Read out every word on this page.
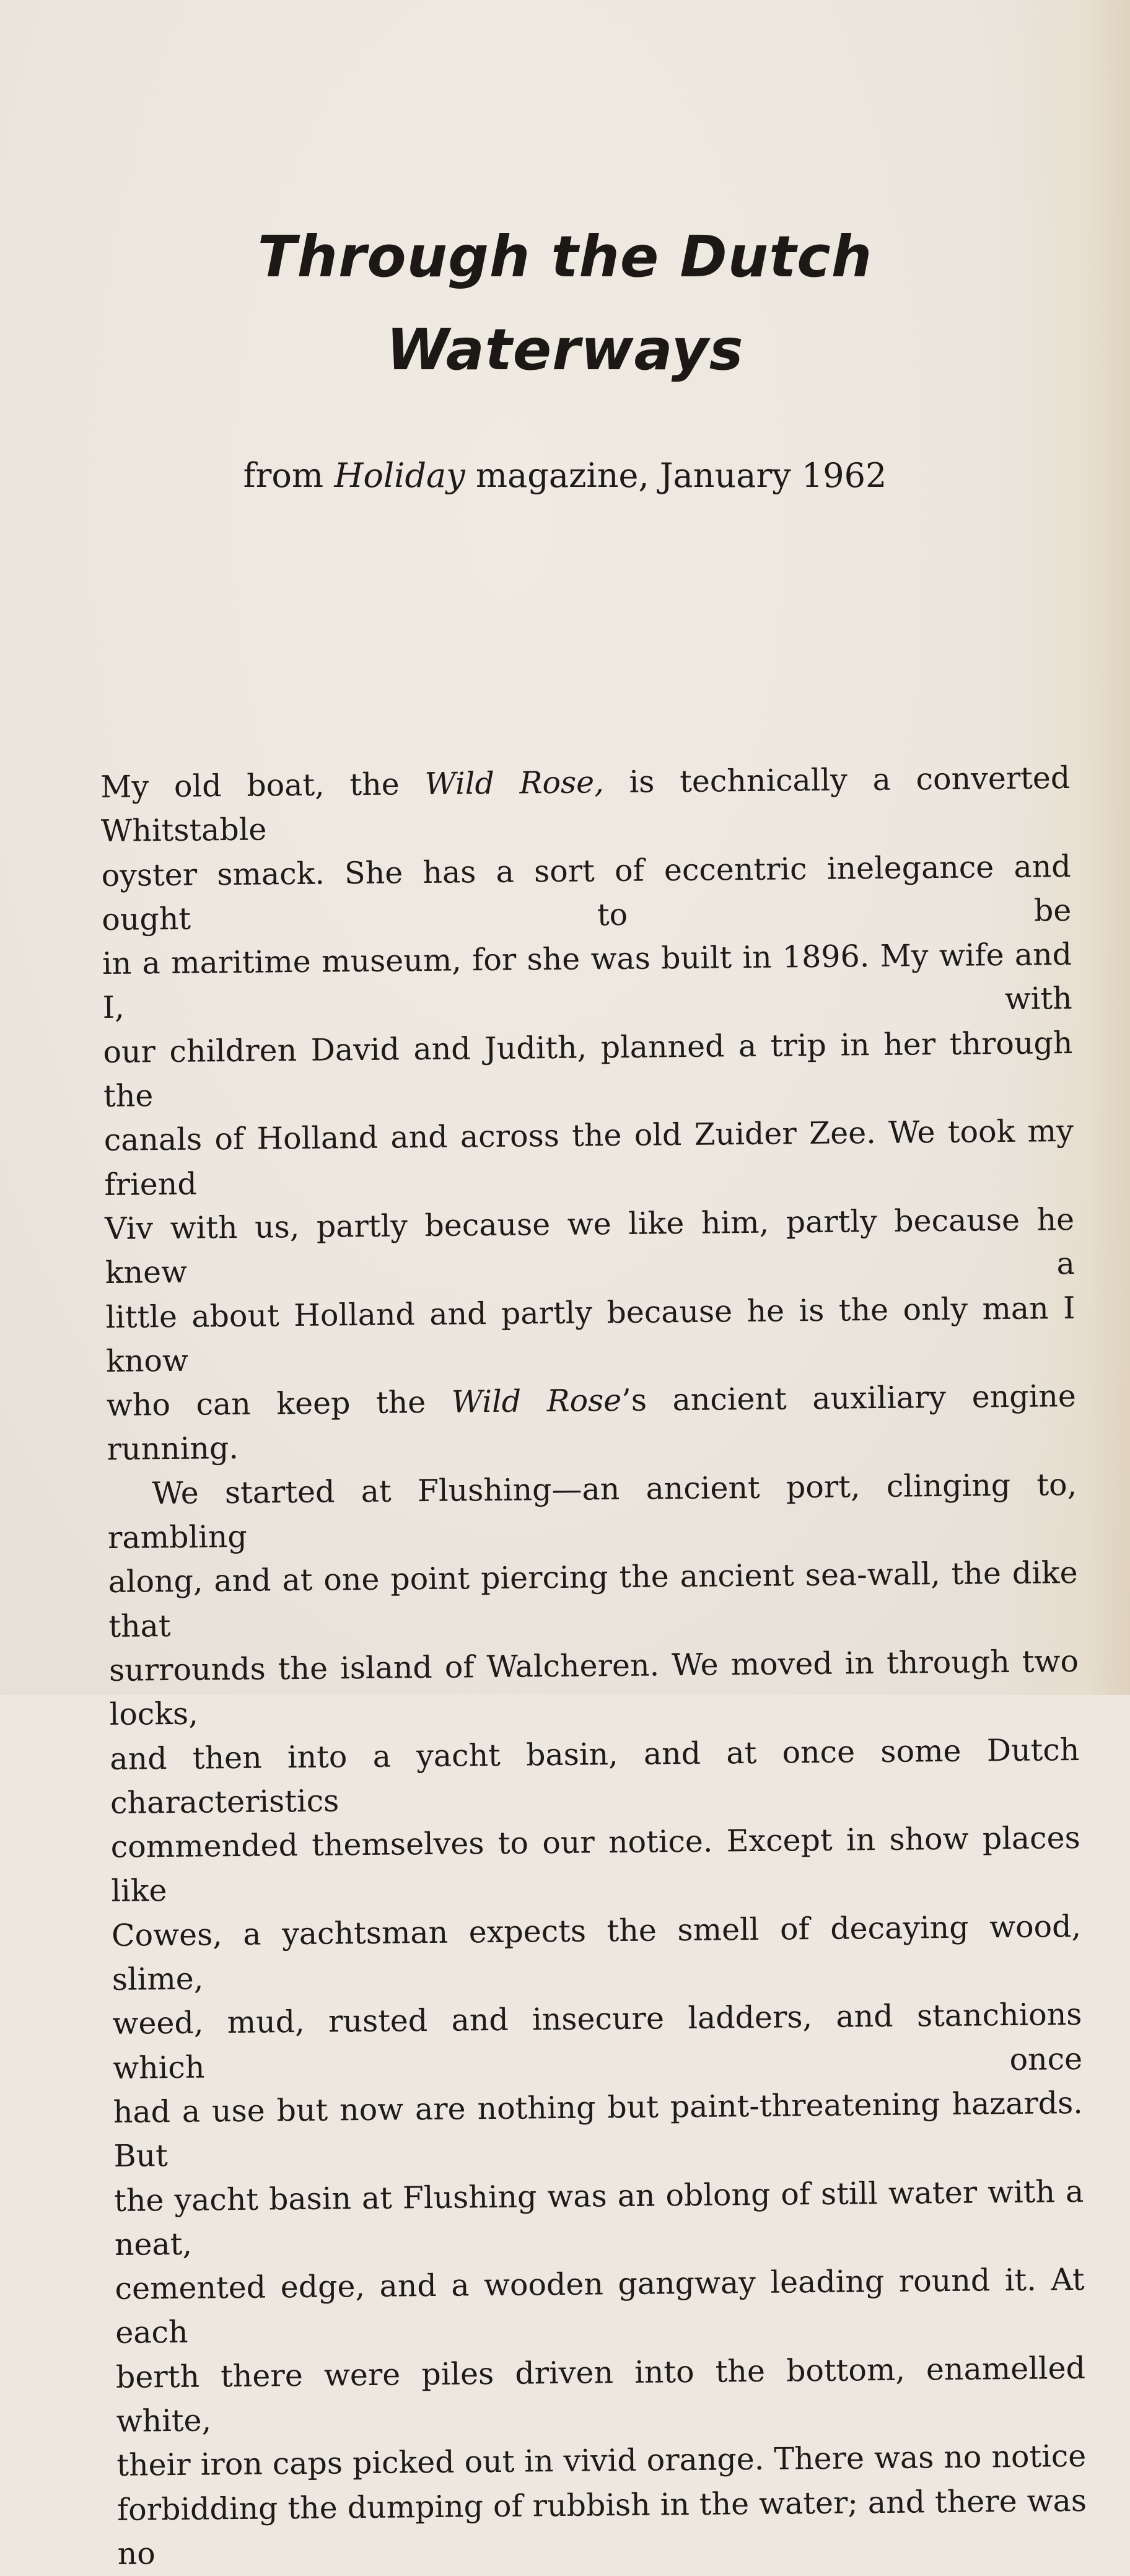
Through the Dutch
Waterways

from Holiday magazine, January 1962

My old boat, the Wild Rose, is technically a converted Whitstable

oyster smack. She has a sort of eccentric inelegance and ought to be

in a maritime museum, for she was built in 1896. My wife and I, with

our children David and Judith, planned a trip in her through the

canals of Holland and across the old Zuider Zee. We took my friend

Viv with us, partly because we like him, partly because he knew a

little about Holland and partly because he is the only man I know

who can keep the Wild Rose’s ancient auxiliary engine running.

We started at Flushing—an ancient port, clinging to, rambling

along, and at one point piercing the ancient sea-wall, the dike that

surrounds the island of Walcheren. We moved in through two locks,

and then into a yacht basin, and at once some Dutch characteristics

commended themselves to our notice. Except in show places like

Cowes, a yachtsman expects the smell of decaying wood, slime,

weed, mud, rusted and insecure ladders, and stanchions which once

had a use but now are nothing but paint-threatening hazards. But

the yacht basin at Flushing was an oblong of still water with a neat,

cemented edge, and a wooden gangway leading round it. At each

berth there were piles driven into the bottom, enamelled white,

their iron caps picked out in vivid orange. There was no notice

forbidding the dumping of rubbish in the water; and there was no
